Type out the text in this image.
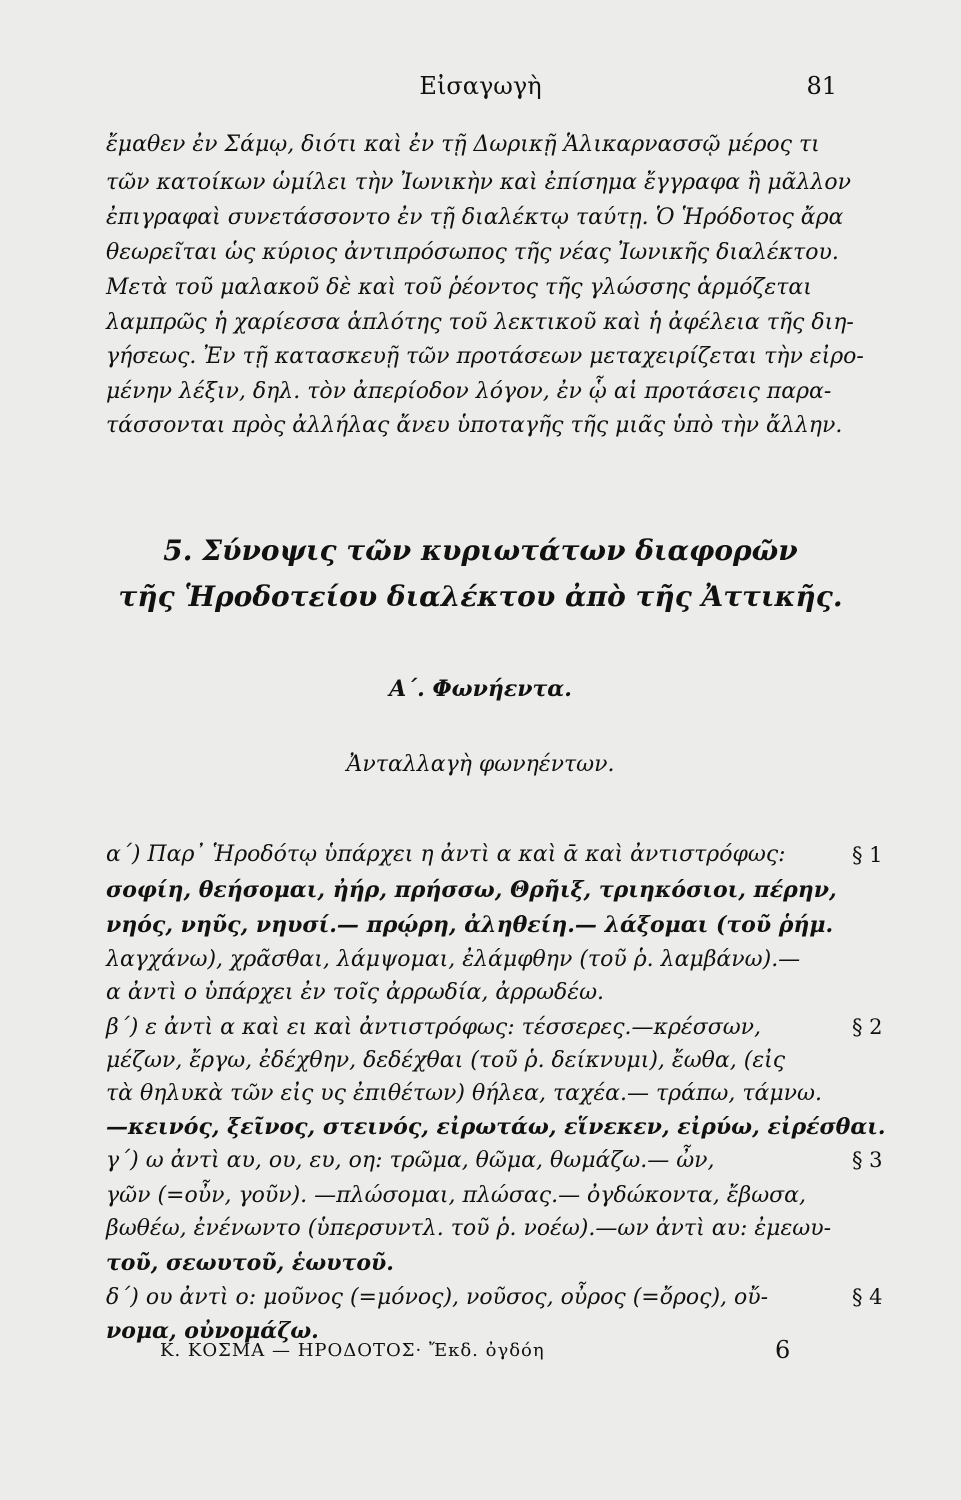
Εἰσαγωγὴ	81
ἔμαθεν ἐν Σάμῳ, διότι καὶ ἐν τῇ Δωρικῇ Ἁλικαρνασσῷ μέρος τι
τῶν κατοίκων ὡμίλει τὴν Ἰωνικὴν καὶ ἐπίσημα ἔγγραφα ἢ μᾶλλον
ἐπιγραφαὶ συνετάσσοντο ἐν τῇ διαλέκτῳ ταύτῃ. Ὁ Ἡρόδοτος ἄρα
θεωρεῖται ὡς κύριος ἀντιπρόσωπος τῆς νέας Ἰωνικῆς διαλέκτου.
Μετὰ τοῦ μαλακοῦ δὲ καὶ τοῦ ῥέοντος τῆς γλώσσης ἁρμόζεται
λαμπρῶς ἡ χαρίεσσα ἁπλότης τοῦ λεκτικοῦ καὶ ἡ ἀφέλεια τῆς διη-
γήσεως. Ἐν τῇ κατασκευῇ τῶν προτάσεων μεταχειρίζεται τὴν εἰρο-
μένην λέξιν, δηλ. τὸν ἀπερίοδον λόγον, ἐν ᾧ αἱ προτάσεις παρα-
τάσσονται πρὸς ἀλλήλας ἄνευ ὑποταγῆς τῆς μιᾶς ὑπὸ τὴν ἄλλην.
5. Σύνοψις τῶν κυριωτάτων διαφορῶν
τῆς Ἡροδοτείου διαλέκτου ἀπὸ τῆς Ἀττικῆς.
Α΄. Φωνήεντα.
Ἀνταλλαγὴ φωνηέντων.
α΄) Παρ᾽ Ἡροδότῳ ὑπάρχει η ἀντὶ α καὶ ᾱ καὶ ἀντιστρόφως:
σοφίη, θεήσομαι, ἠήρ, πρήσσω, Θρῆιξ, τριηκόσιοι, πέρην,
νηός, νηῦς, νηυσί.— πρῴρη, ἀληθείη.— λάξομαι (τοῦ ῥήμ.
λαγχάνω), χρᾶσθαι, λάμψομαι, ἐλάμφθην (τοῦ ῥ. λαμβάνω).—
α ἀντὶ ο ὑπάρχει ἐν τοῖς ἀρρωδία, ἀρρωδέω.
β΄) ε ἀντὶ α καὶ ει καὶ ἀντιστρόφως: τέσσερες.—κρέσσων,
μέζων, ἔργω, ἐδέχθην, δεδέχθαι (τοῦ ῥ. δείκνυμι), ἔωθα, (εἰς
τὰ θηλυκὰ τῶν εἰς υς ἐπιθέτων) θήλεα, ταχέα.— τράπω, τάμνω.
—κεινός, ξεῖνος, στεινός, εἰρωτάω, εἵνεκεν, εἰρύω, εἰρέσθαι.
γ΄) ω ἀντὶ αυ, ου, ευ, οη: τρῶμα, θῶμα, θωμάζω.— ὦν,
γῶν (=οὖν, γοῦν). —πλώσομαι, πλώσας.— ὀγδώκοντα, ἔβωσα,
βωθέω, ἐνένωντο (ὑπερσυντλ. τοῦ ῥ. νοέω).—ων ἀντὶ αυ: ἐμεωυ-
τοῦ, σεωυτοῦ, ἑωυτοῦ.
δ΄) ου ἀντὶ ο: μοῦνος (=μόνος), νοῦσος, οὖρος (=ὄρος), οὔ-
νομα, οὐνομάζω.
§ 1
§ 2
§ 3
§ 4
Κ. ΚΟΣΜΑ — ΗΡΟΔΟΤΟΣ· Ἔκδ. ὀγδόη	6
